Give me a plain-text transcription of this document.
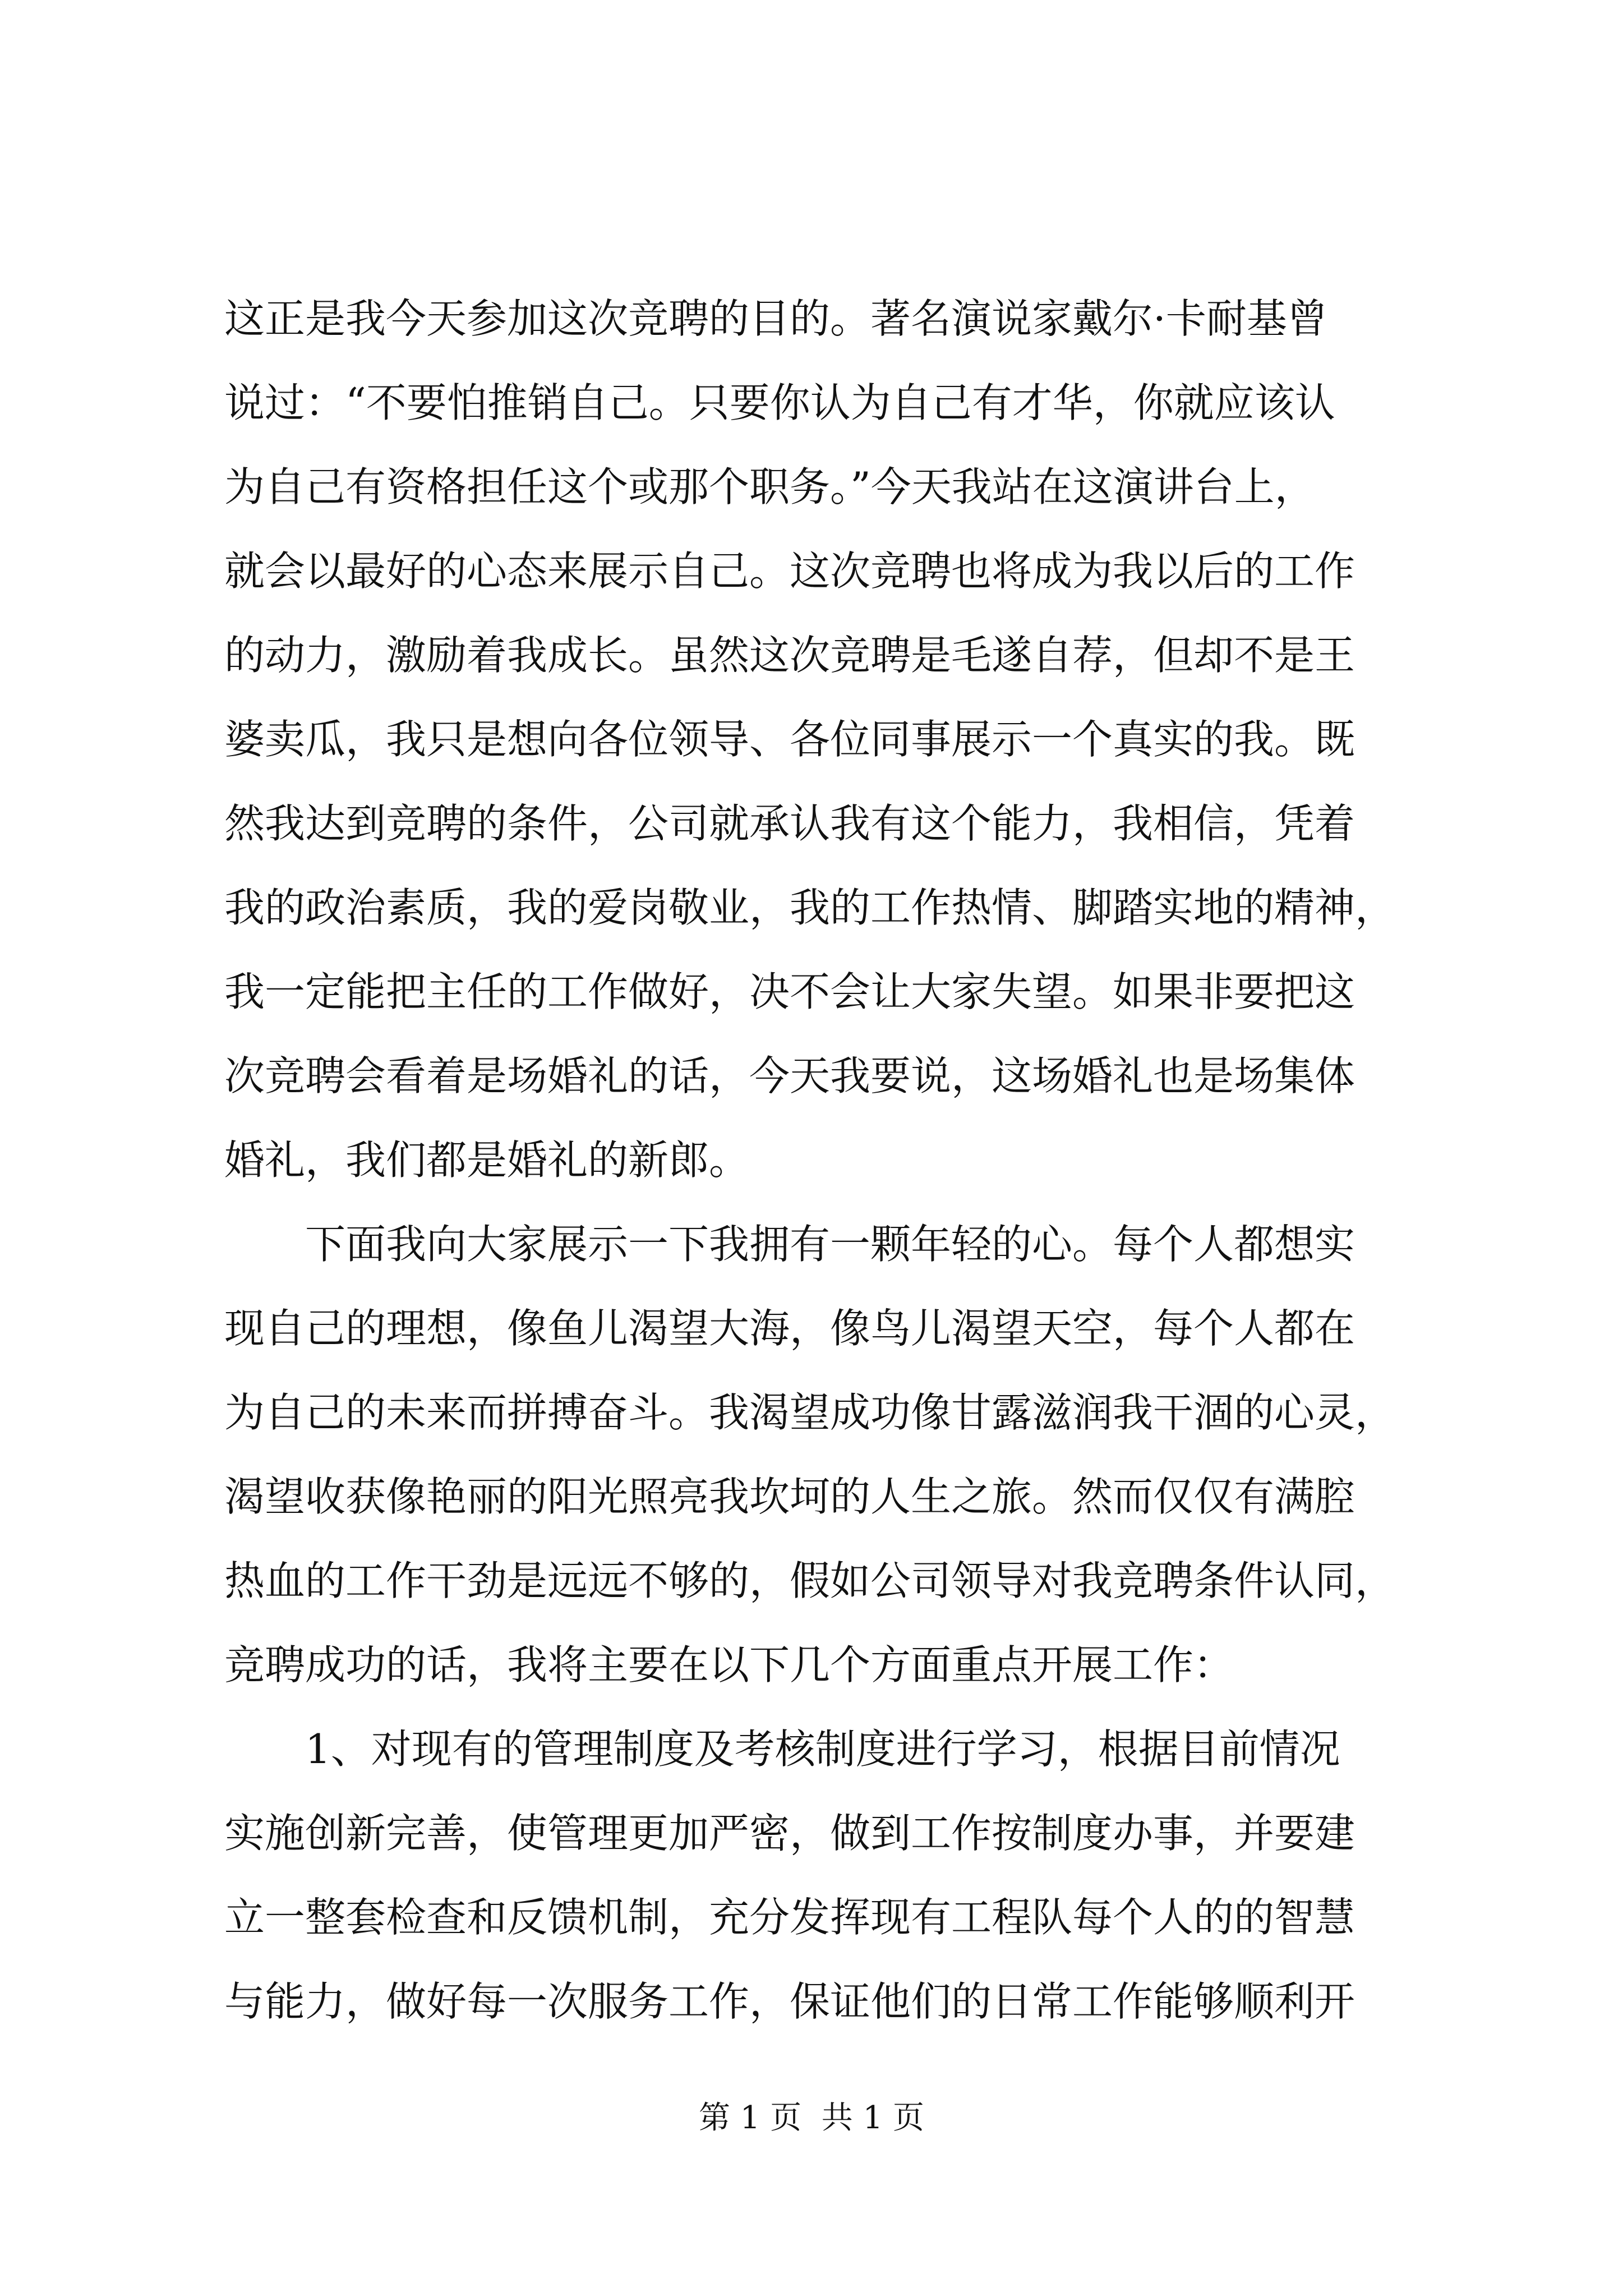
这正是我今天参加这次竞聘的目的。著名演说家戴尔·卡耐基曾
说过：“不要怕推销自己。只要你认为自己有才华，你就应该认
为自己有资格担任这个或那个职务。”今天我站在这演讲台上，
就会以最好的心态来展示自己。这次竞聘也将成为我以后的工作
的动力，激励着我成长。虽然这次竞聘是毛遂自荐，但却不是王
婆卖瓜，我只是想向各位领导、各位同事展示一个真实的我。既
然我达到竞聘的条件，公司就承认我有这个能力，我相信，凭着
我的政治素质，我的爱岗敬业，我的工作热情、脚踏实地的精神，
我一定能把主任的工作做好，决不会让大家失望。如果非要把这
次竞聘会看着是场婚礼的话，今天我要说，这场婚礼也是场集体
婚礼，我们都是婚礼的新郎。
　　下面我向大家展示一下我拥有一颗年轻的心。每个人都想实
现自己的理想，像鱼儿渴望大海，像鸟儿渴望天空，每个人都在
为自己的未来而拼搏奋斗。我渴望成功像甘露滋润我干涸的心灵，
渴望收获像艳丽的阳光照亮我坎坷的人生之旅。然而仅仅有满腔
热血的工作干劲是远远不够的，假如公司领导对我竞聘条件认同，
竞聘成功的话，我将主要在以下几个方面重点开展工作：
　　1、对现有的管理制度及考核制度进行学习，根据目前情况
实施创新完善，使管理更加严密，做到工作按制度办事，并要建
立一整套检查和反馈机制，充分发挥现有工程队每个人的的智慧
与能力，做好每一次服务工作，保证他们的日常工作能够顺利开
第 1 页  共 1 页
